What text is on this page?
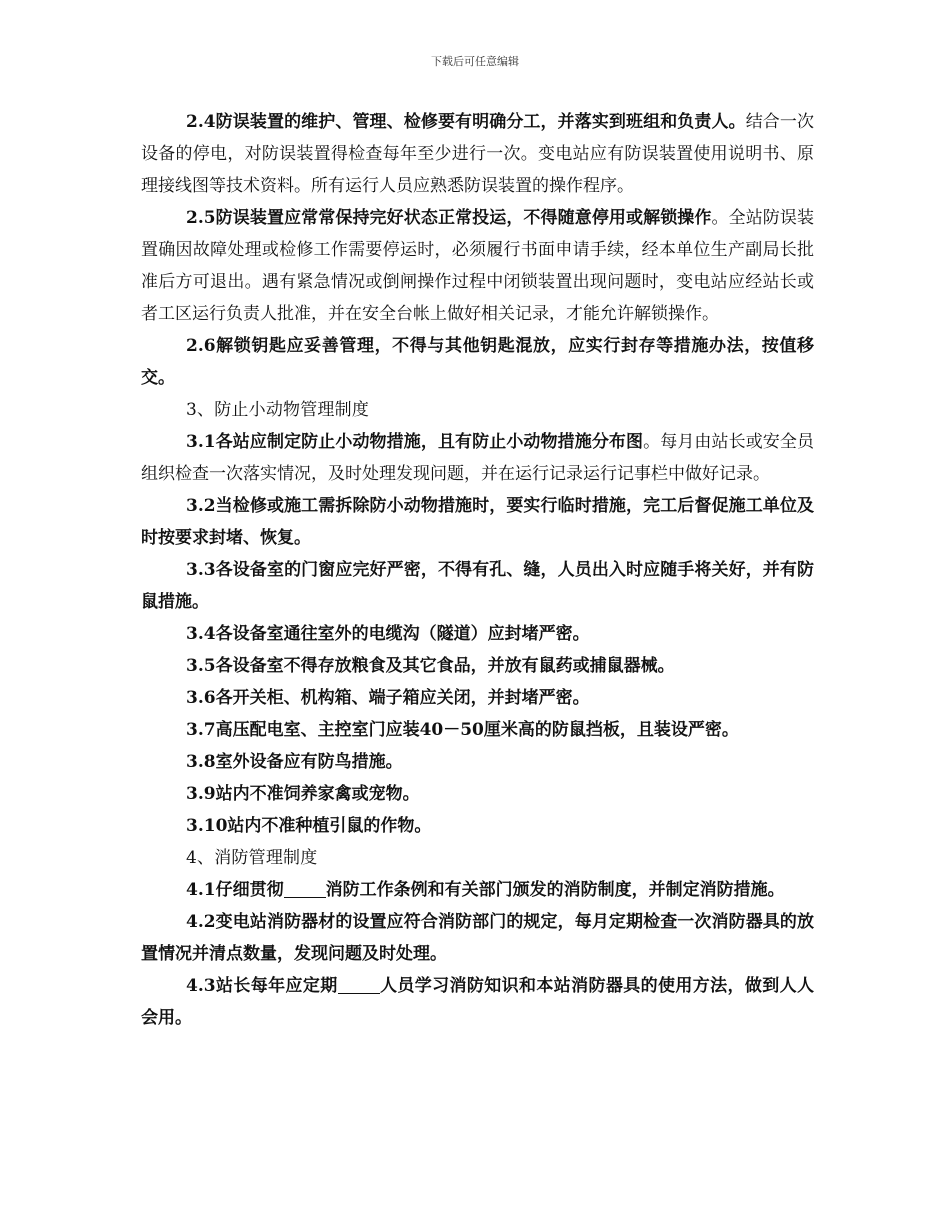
下载后可任意编辑

2.4防误装置的维护、管理、检修要有明确分工，并落实到班组和负责人。结合一次设备的停电，对防误装置得检查每年至少进行一次。变电站应有防误装置使用说明书、原理接线图等技术资料。所有运行人员应熟悉防误装置的操作程序。

2.5防误装置应常常保持完好状态正常投运，不得随意停用或解锁操作。全站防误装置确因故障处理或检修工作需要停运时，必须履行书面申请手续，经本单位生产副局长批准后方可退出。遇有紧急情况或倒闸操作过程中闭锁装置出现问题时，变电站应经站长或者工区运行负责人批准，并在安全台帐上做好相关记录，才能允许解锁操作。

2.6解锁钥匙应妥善管理，不得与其他钥匙混放，应实行封存等措施办法，按值移交。

3、防止小动物管理制度

3.1各站应制定防止小动物措施，且有防止小动物措施分布图。每月由站长或安全员组织检查一次落实情况，及时处理发现问题，并在运行记录运行记事栏中做好记录。

3.2当检修或施工需拆除防小动物措施时，要实行临时措施，完工后督促施工单位及时按要求封堵、恢复。

3.3各设备室的门窗应完好严密，不得有孔、缝，人员出入时应随手将关好，并有防鼠措施。

3.4各设备室通往室外的电缆沟（隧道）应封堵严密。

3.5各设备室不得存放粮食及其它食品，并放有鼠药或捕鼠器械。

3.6各开关柜、机构箱、端子箱应关闭，并封堵严密。

3.7高压配电室、主控室门应装40－50厘米高的防鼠挡板，且装设严密。

3.8室外设备应有防鸟措施。

3.9站内不准饲养家禽或宠物。

3.10站内不准种植引鼠的作物。

4、消防管理制度

4.1仔细贯彻 消防工作条例和有关部门颁发的消防制度，并制定消防措施。

4.2变电站消防器材的设置应符合消防部门的规定，每月定期检查一次消防器具的放置情况并清点数量，发现问题及时处理。

4.3站长每年应定期 人员学习消防知识和本站消防器具的使用方法，做到人人会用。
